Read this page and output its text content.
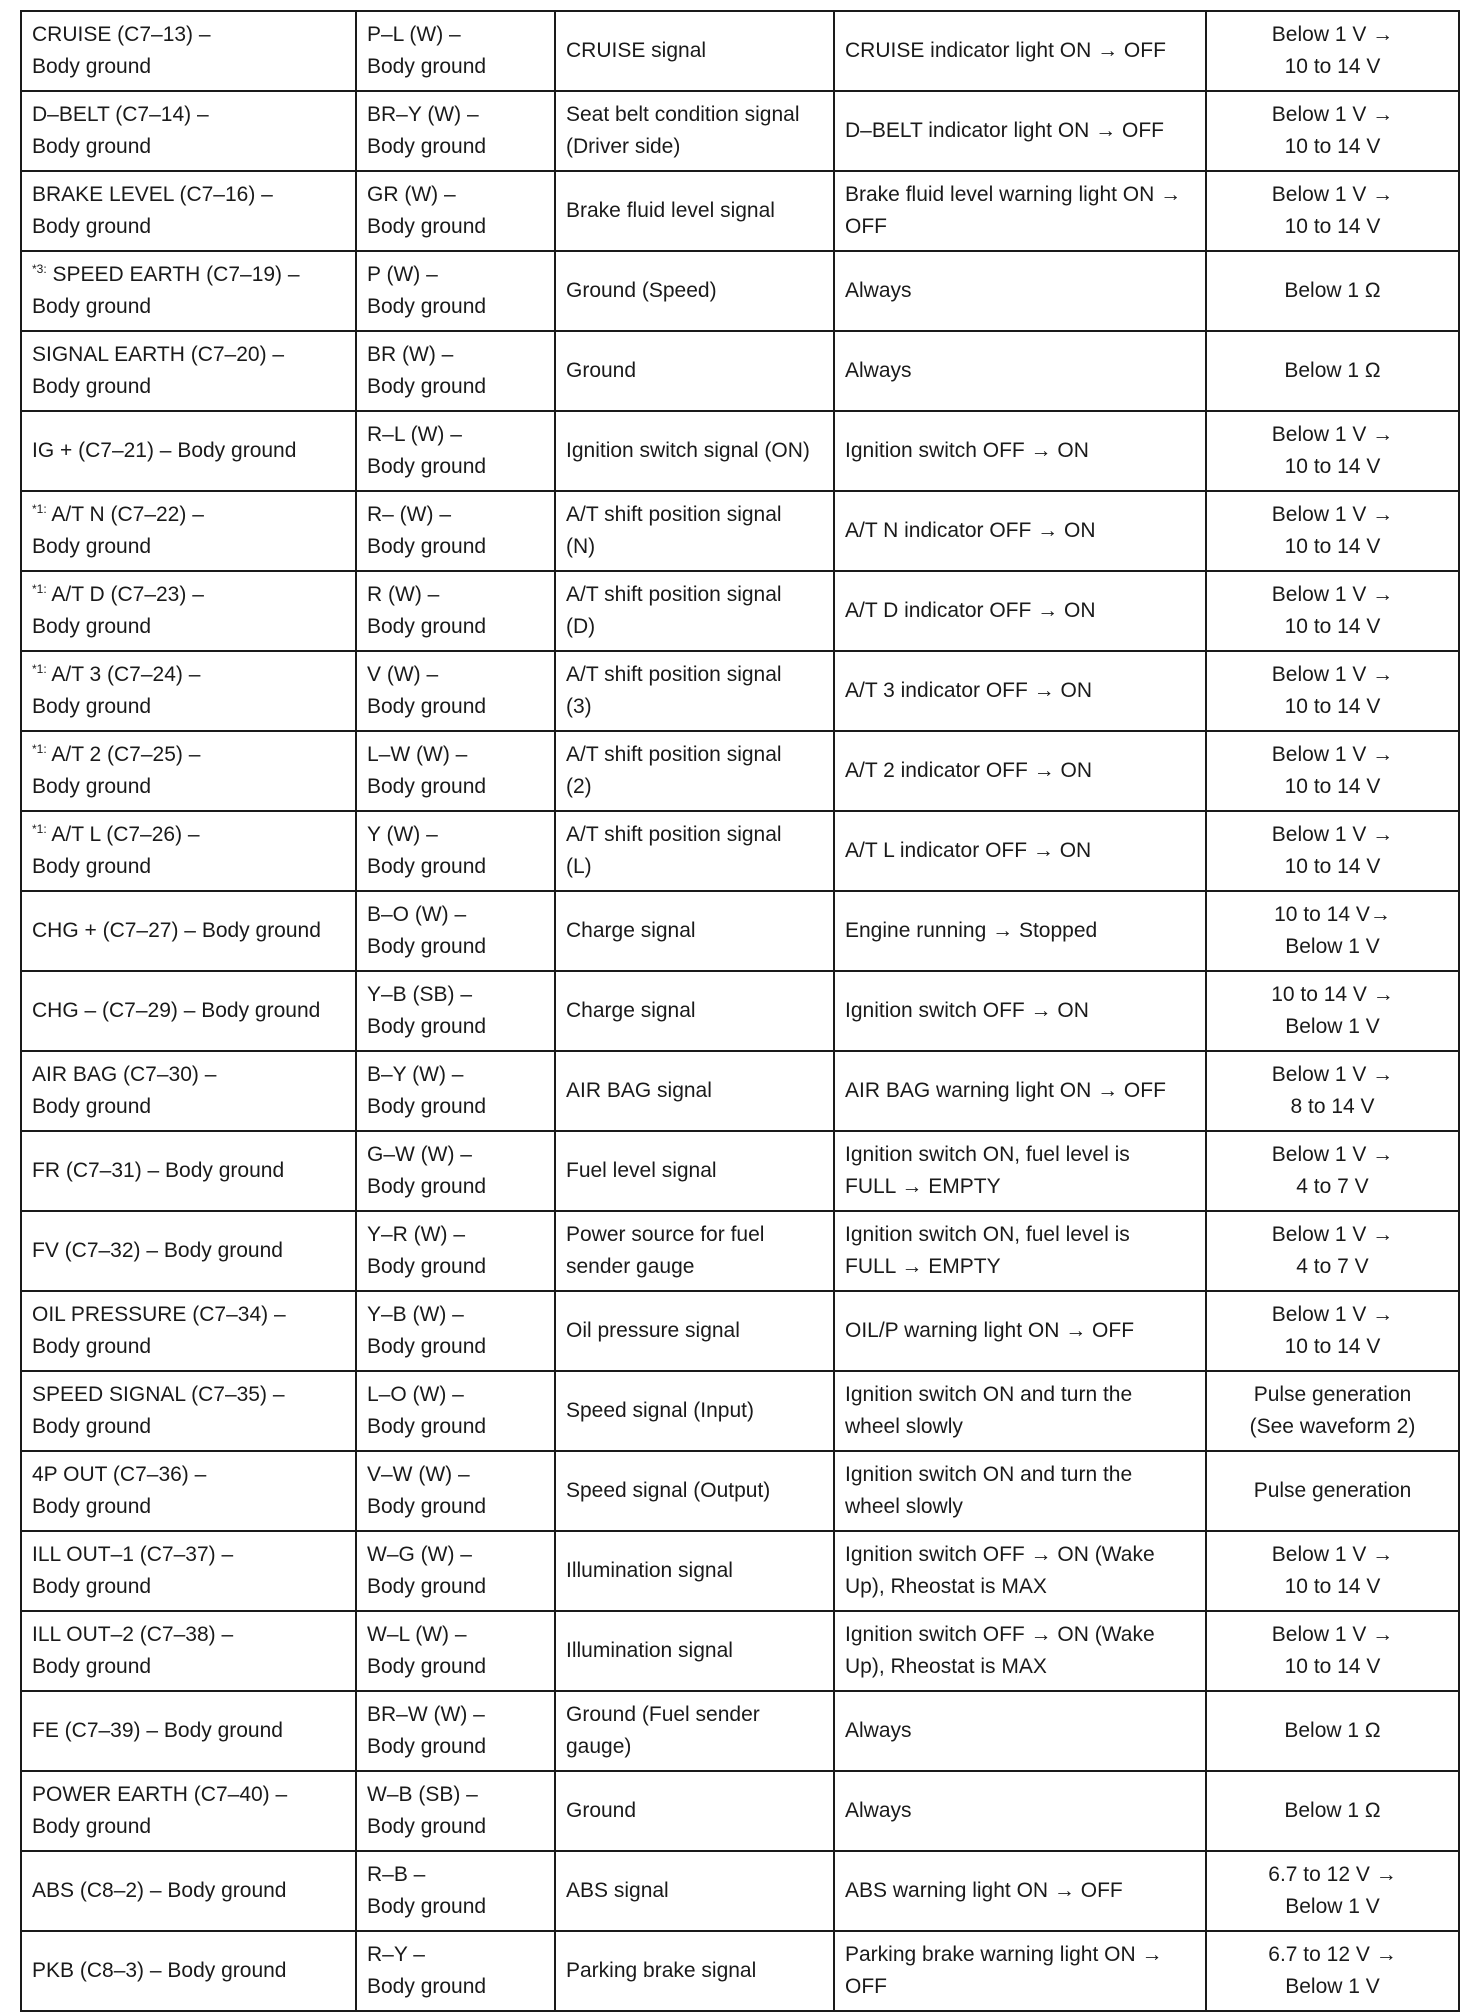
CRUISE (C7–13) –
Body ground	P–L (W) –
Body ground	CRUISE signal	CRUISE indicator light ON → OFF	Below 1 V →
10 to 14 V

D–BELT (C7–14) –
Body ground	BR–Y (W) –
Body ground	Seat belt condition signal
(Driver side)	D–BELT indicator light ON → OFF	Below 1 V →
10 to 14 V

BRAKE LEVEL (C7–16) –
Body ground	GR (W) –
Body ground	Brake fluid level signal	Brake fluid level warning light ON →
OFF	Below 1 V →
10 to 14 V

$^{*3:}$ SPEED EARTH (C7–19) –
Body ground	P (W) –
Body ground	Ground (Speed)	Always	Below 1 Ω

SIGNAL EARTH (C7–20) –
Body ground	BR (W) –
Body ground	Ground	Always	Below 1 Ω

IG + (C7–21) – Body ground	R–L (W) –
Body ground	Ignition switch signal (ON)	Ignition switch OFF → ON	Below 1 V →
10 to 14 V

$^{*1:}$ A/T N (C7–22) –
Body ground	R– (W) –
Body ground	A/T shift position signal
(N)	A/T N indicator OFF → ON	Below 1 V →
10 to 14 V

$^{*1:}$ A/T D (C7–23) –
Body ground	R (W) –
Body ground	A/T shift position signal
(D)	A/T D indicator OFF → ON	Below 1 V →
10 to 14 V

$^{*1:}$ A/T 3 (C7–24) –
Body ground	V (W) –
Body ground	A/T shift position signal
(3)	A/T 3 indicator OFF → ON	Below 1 V →
10 to 14 V

$^{*1:}$ A/T 2 (C7–25) –
Body ground	L–W (W) –
Body ground	A/T shift position signal
(2)	A/T 2 indicator OFF → ON	Below 1 V →
10 to 14 V

$^{*1:}$ A/T L (C7–26) –
Body ground	Y (W) –
Body ground	A/T shift position signal
(L)	A/T L indicator OFF → ON	Below 1 V →
10 to 14 V

CHG + (C7–27) – Body ground	B–O (W) –
Body ground	Charge signal	Engine running → Stopped	10 to 14 V→
Below 1 V

CHG – (C7–29) – Body ground	Y–B (SB) –
Body ground	Charge signal	Ignition switch OFF → ON	10 to 14 V →
Below 1 V

AIR BAG (C7–30) –
Body ground	B–Y (W) –
Body ground	AIR BAG signal	AIR BAG warning light ON → OFF	Below 1 V →
8 to 14 V

FR (C7–31) – Body ground	G–W (W) –
Body ground	Fuel level signal	Ignition switch ON, fuel level is
FULL → EMPTY	Below 1 V →
4 to 7 V

FV (C7–32) – Body ground	Y–R (W) –
Body ground	Power source for fuel
sender gauge	Ignition switch ON, fuel level is
FULL → EMPTY	Below 1 V →
4 to 7 V

OIL PRESSURE (C7–34) –
Body ground	Y–B (W) –
Body ground	Oil pressure signal	OIL/P warning light ON → OFF	Below 1 V →
10 to 14 V

SPEED SIGNAL (C7–35) –
Body ground	L–O (W) –
Body ground	Speed signal (Input)	Ignition switch ON and turn the
wheel slowly	Pulse generation
(See waveform 2)

4P OUT (C7–36) –
Body ground	V–W (W) –
Body ground	Speed signal (Output)	Ignition switch ON and turn the
wheel slowly	Pulse generation

ILL OUT–1 (C7–37) –
Body ground	W–G (W) –
Body ground	Illumination signal	Ignition switch OFF → ON (Wake
Up), Rheostat is MAX	Below 1 V →
10 to 14 V

ILL OUT–2 (C7–38) –
Body ground	W–L (W) –
Body ground	Illumination signal	Ignition switch OFF → ON (Wake
Up), Rheostat is MAX	Below 1 V →
10 to 14 V

FE (C7–39) – Body ground	BR–W (W) –
Body ground	Ground (Fuel sender
gauge)	Always	Below 1 Ω

POWER EARTH (C7–40) –
Body ground	W–B (SB) –
Body ground	Ground	Always	Below 1 Ω

ABS (C8–2) – Body ground	R–B –
Body ground	ABS signal	ABS warning light ON → OFF	6.7 to 12 V →
Below 1 V

PKB (C8–3) – Body ground	R–Y –
Body ground	Parking brake signal	Parking brake warning light ON →
OFF	6.7 to 12 V →
Below 1 V
